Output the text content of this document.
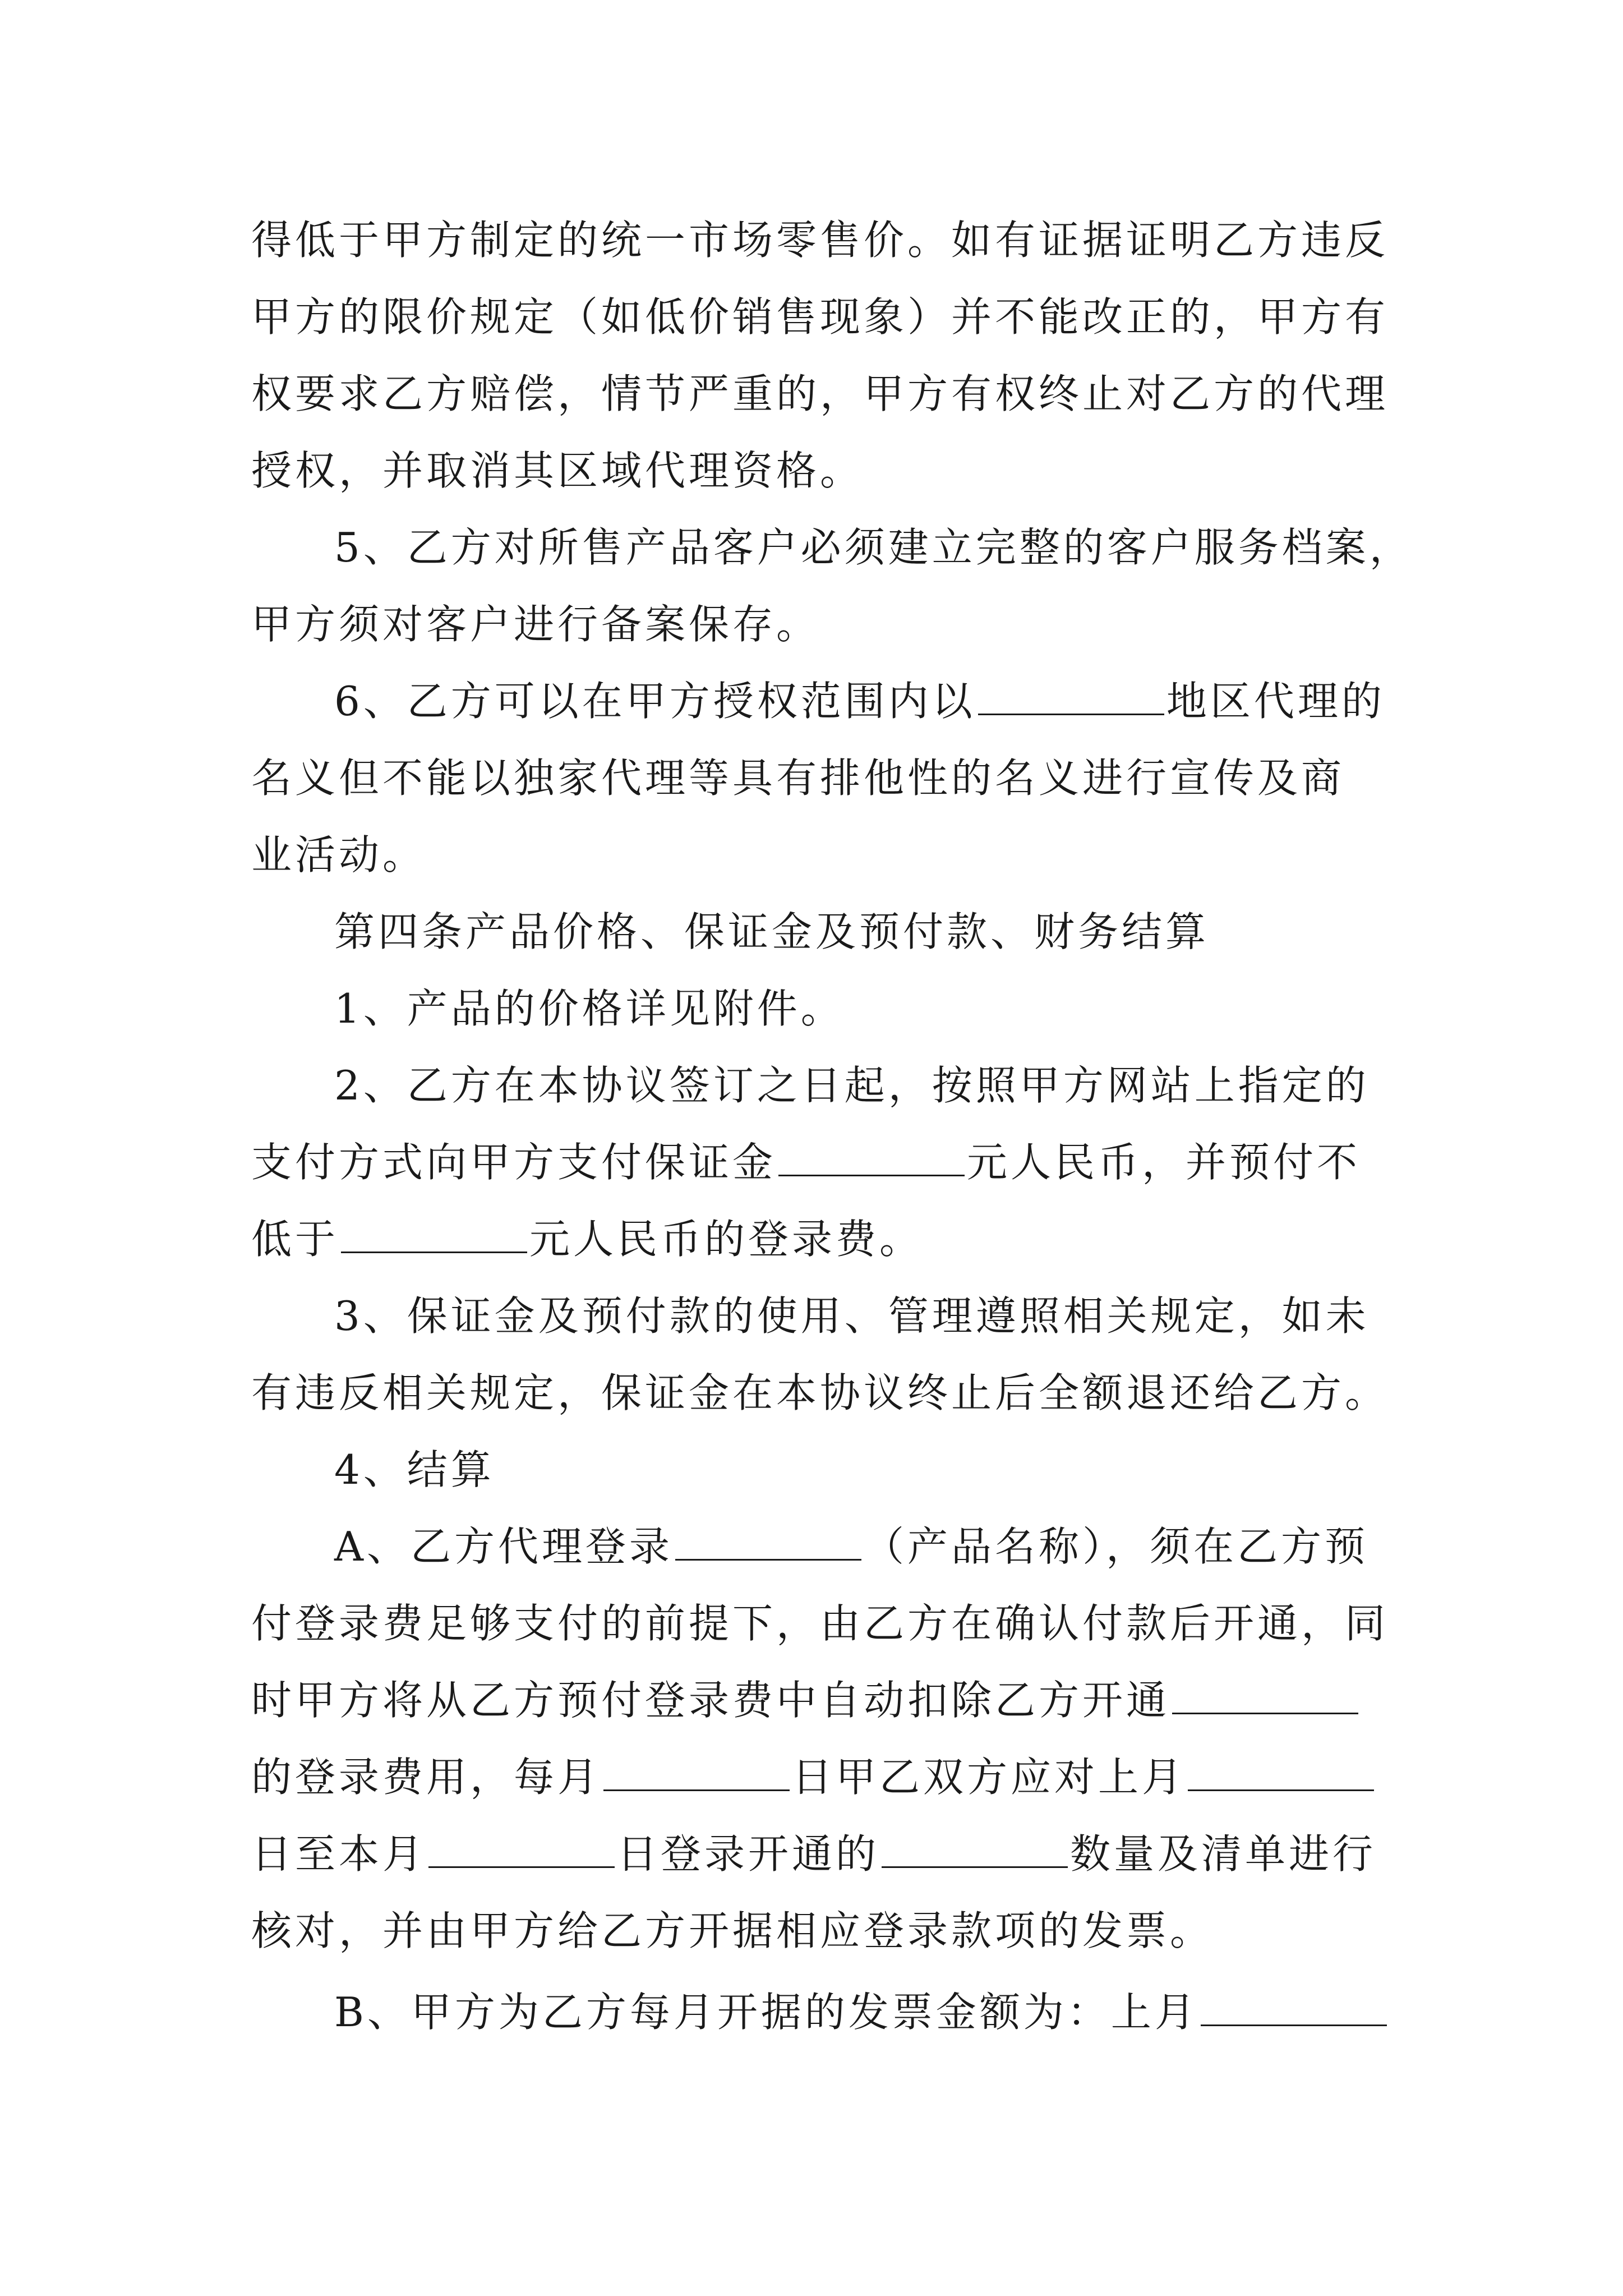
得低于甲方制定的统一市场零售价。如有证据证明乙方违反
甲方的限价规定（如低价销售现象）并不能改正的，甲方有
权要求乙方赔偿，情节严重的，甲方有权终止对乙方的代理
授权，并取消其区域代理资格。
5、乙方对所售产品客户必须建立完整的客户服务档案，
甲方须对客户进行备案保存。
6、乙方可以在甲方授权范围内以	地区代理的
名义但不能以独家代理等具有排他性的名义进行宣传及商
业活动。
第四条产品价格、保证金及预付款、财务结算
1、产品的价格详见附件。
2、乙方在本协议签订之日起，按照甲方网站上指定的
支付方式向甲方支付保证金	元人民币，并预付不
低于	元人民币的登录费。
3、保证金及预付款的使用、管理遵照相关规定，如未
有违反相关规定，保证金在本协议终止后全额退还给乙方。
4、结算
A、乙方代理登录	（产品名称），须在乙方预
付登录费足够支付的前提下，由乙方在确认付款后开通，同
时甲方将从乙方预付登录费中自动扣除乙方开通
的登录费用，每月	日甲乙双方应对上月
日至本月	日登录开通的	数量及清单进行
核对，并由甲方给乙方开据相应登录款项的发票。
B、甲方为乙方每月开据的发票金额为：上月
